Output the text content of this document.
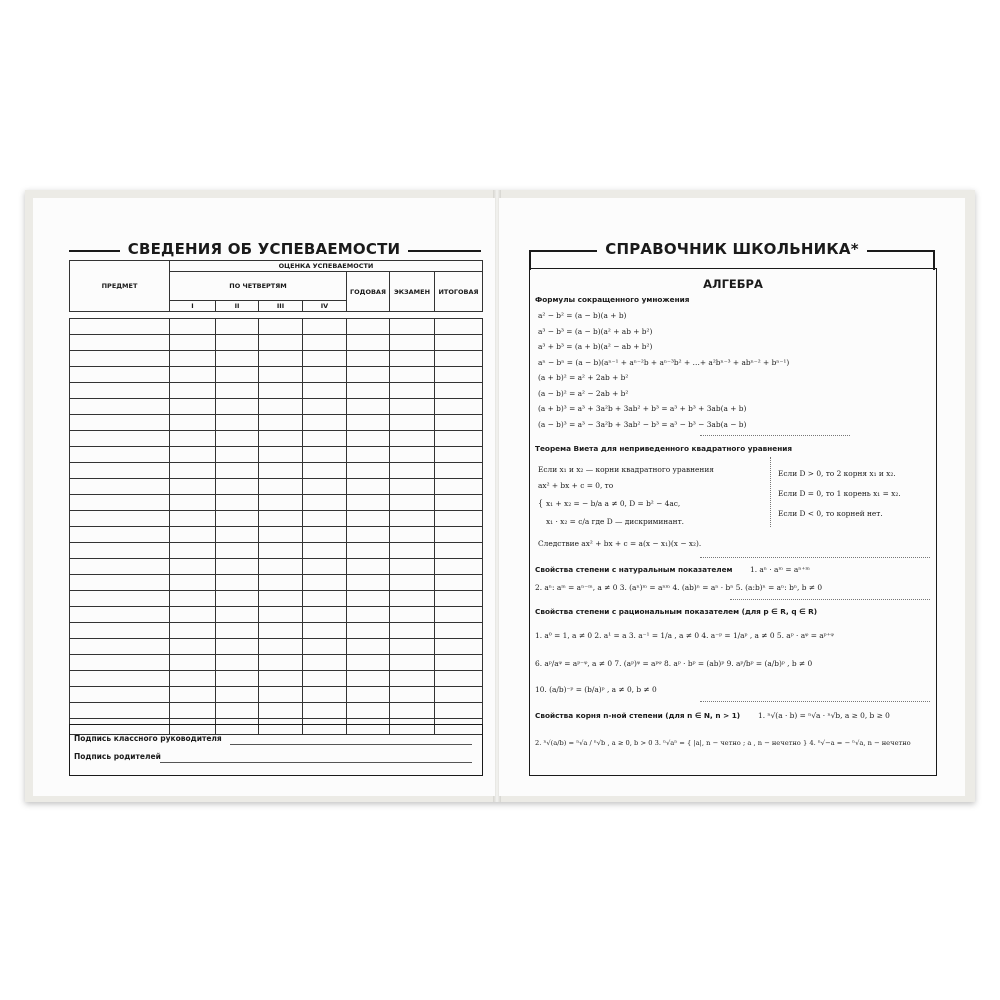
СВЕДЕНИЯ ОБ УСПЕВАЕМОСТИ
ПРЕДМЕТ	ОЦЕНКА УСПЕВАЕМОСТИ						
	ПО ЧЕТВЕРТЯМ				ГОДОВАЯ	ЭКЗАМЕН	ИТОГОВАЯ
	I	II	III	IV			

Подпись классного руководителя
Подпись родителей
СПРАВОЧНИК ШКОЛЬНИКА*
АЛГЕБРА
Формулы сокращенного умножения
a² − b² = (a − b)(a + b)
a³ − b³ = (a − b)(a² + ab + b²)
a³ + b³ = (a + b)(a² − ab + b²)
aⁿ − bⁿ = (a − b)(aⁿ⁻¹ + aⁿ⁻²b + aⁿ⁻³b² + …+ a²bⁿ⁻³ + abⁿ⁻² + bⁿ⁻¹)
(a + b)² = a² + 2ab + b²
(a − b)² = a² − 2ab + b²
(a + b)³ = a³ + 3a²b + 3ab² + b³ = a³ + b³ + 3ab(a + b)
(a − b)³ = a³ − 3a²b + 3ab² − b³ = a³ − b³ − 3ab(a − b)
Теорема Виета для неприведенного квадратного уравнения
Если x₁ и x₂ — корни квадратного уравнения
ax² + bx + c = 0, то
{ x₁ + x₂ = − b/a a ≠ 0, D = b² − 4ac,
x₁ · x₂ = c/a где D — дискриминант.
Следствие ax² + bx + c = a(x − x₁)(x − x₂).
Если D > 0, то 2 корня x₁ и x₂.
Если D = 0, то 1 корень x₁ = x₂.
Если D < 0, то корней нет.
Свойства степени с натуральным показателем 1. aⁿ · aᵐ = aⁿ⁺ᵐ
2. aⁿ: aᵐ = aⁿ⁻ᵐ, a ≠ 0 3. (aⁿ)ᵐ = aⁿᵐ 4. (ab)ⁿ = aⁿ · bⁿ 5. (a:b)ⁿ = aⁿ: bⁿ, b ≠ 0
Свойства степени с рациональным показателем (для p ∈ R, q ∈ R)
1. a⁰ = 1, a ≠ 0 2. a¹ = a 3. a⁻¹ = 1/a , a ≠ 0 4. a⁻ᵖ = 1/aᵖ , a ≠ 0 5. aᵖ · aᵠ = aᵖ⁺ᵠ
6. aᵖ/aᵠ = aᵖ⁻ᵠ, a ≠ 0 7. (aᵖ)ᵠ = aᵖᵠ 8. aᵖ · bᵖ = (ab)ᵖ 9. aᵖ/bᵖ = (a/b)ᵖ , b ≠ 0
10. (a/b)⁻ᵖ = (b/a)ᵖ , a ≠ 0, b ≠ 0
Свойства корня n-ной степени (для n ∈ N, n > 1) 1. ⁿ√(a · b) = ⁿ√a · ⁿ√b, a ≥ 0, b ≥ 0
2. ⁿ√(a/b) = ⁿ√a / ⁿ√b , a ≥ 0, b > 0 3. ⁿ√aⁿ = { |a|, n − четно ; a , n − нечетно } 4. ⁿ√−a = − ⁿ√a, n − нечетно
